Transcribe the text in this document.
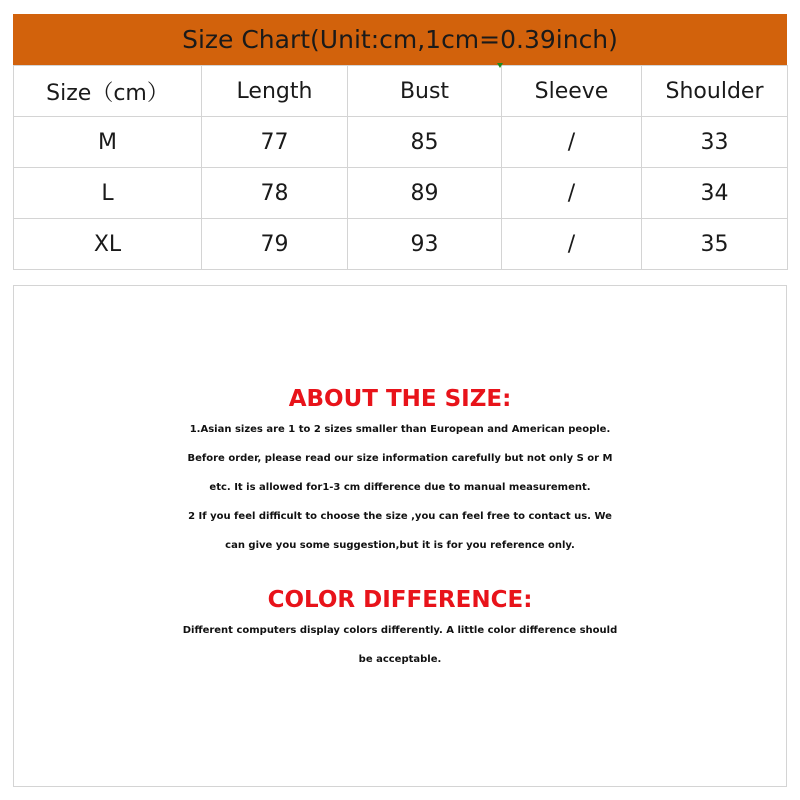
Size Chart(Unit:cm,1cm=0.39inch)
Size（cm）	Length	Bust	Sleeve	Shoulder
M	77	85	/	33
L	78	89	/	34
XL	79	93	/	35

ABOUT THE SIZE:

1.Asian sizes are 1 to 2 sizes smaller than European and American people.
Before order, please read our size information carefully but not only S or M
etc. It is allowed for1-3 cm difference due to manual measurement.
2 If you feel difficult to choose the size ,you can feel free to contact us. We
can give you some suggestion,but it is for you reference only.

COLOR DIFFERENCE:

Different computers display colors differently. A little color difference should
be acceptable.
